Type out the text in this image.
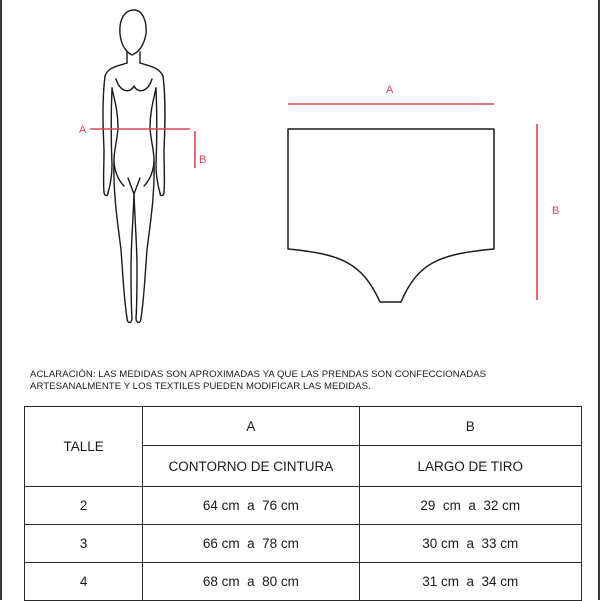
A
B
A
B
ACLARACIÓN: LAS MEDIDAS SON APROXIMADAS YA QUE LAS PRENDAS SON CONFECCIONADAS ARTESANALMENTE Y LOS TEXTILES PUEDEN MODIFICAR LAS MEDIDAS.
TALLE	A	B
	CONTORNO DE CINTURA	LARGO DE TIRO
2	64 cm  a  76 cm	29  cm  a  32 cm
3	66 cm  a  78 cm	30 cm  a  33 cm
4	68 cm  a  80 cm	31 cm  a  34 cm
